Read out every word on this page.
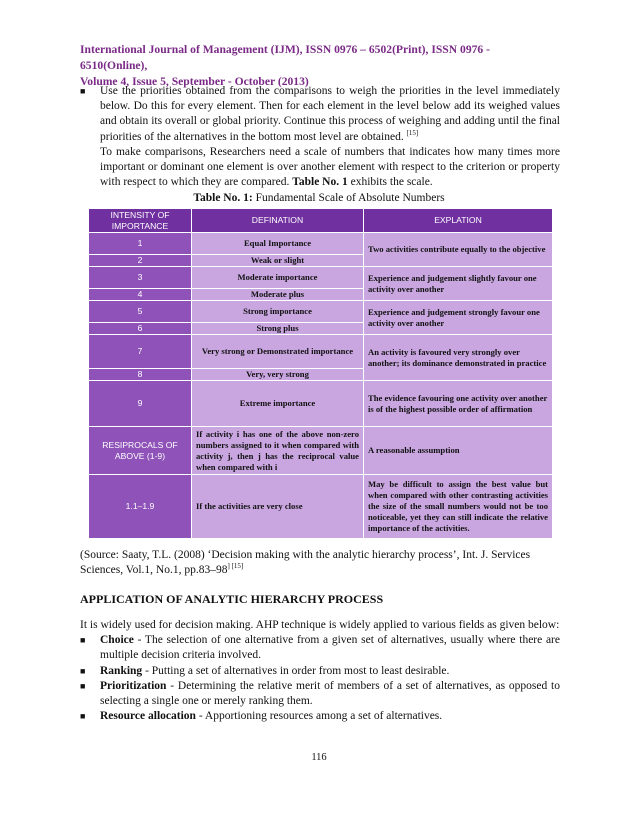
International Journal of Management (IJM), ISSN 0976 – 6502(Print), ISSN 0976 - 6510(Online),
Volume 4, Issue 5, September - October (2013)
■	Use the priorities obtained from the comparisons to weigh the priorities in the level immediately below. Do this for every element. Then for each element in the level below add its weighed values and obtain its overall or global priority. Continue this process of weighing and adding until the final priorities of the alternatives in the bottom most level are obtained. [15]
To make comparisons, Researchers need a scale of numbers that indicates how many times more important or dominant one element is over another element with respect to the criterion or property with respect to which they are compared. Table No. 1 exhibits the scale.
Table No. 1: Fundamental Scale of Absolute Numbers
INTENSITY OF IMPORTANCE	DEFINATION	EXPLATION
1	Equal Importance	Two activities contribute equally to the objective
2	Weak or slight	
3	Moderate importance	Experience and judgement slightly favour one activity over another
4	Moderate plus	
5	Strong importance	Experience and judgement strongly favour one activity over another
6	Strong plus	
7	Very strong or Demonstrated importance	An activity is favoured very strongly over another; its dominance demonstrated in practice
8	Very, very strong	
9	Extreme importance	The evidence favouring one activity over another is of the highest possible order of affirmation
RESIPROCALS OF ABOVE (1-9)	If activity i has one of the above non-zero numbers assigned to it when compared with activity j, then j has the reciprocal value when compared with i	A reasonable assumption
1.1–1.9	If the activities are very close	May be difficult to assign the best value but when compared with other contrasting activities the size of the small numbers would not be too noticeable, yet they can still indicate the relative importance of the activities.
(Source: Saaty, T.L. (2008) ‘Decision making with the analytic hierarchy process’, Int. J. Services Sciences, Vol.1, No.1, $pp.83-98^{] [15]}$
APPLICATION OF ANALYTIC HIERARCHY PROCESS
It is widely used for decision making. AHP technique is widely applied to various fields as given below:
■	Choice - The selection of one alternative from a given set of alternatives, usually where there are multiple decision criteria involved.
■	Ranking - Putting a set of alternatives in order from most to least desirable.
■	Prioritization - Determining the relative merit of members of a set of alternatives, as opposed to selecting a single one or merely ranking them.
■	Resource allocation - Apportioning resources among a set of alternatives.
116
